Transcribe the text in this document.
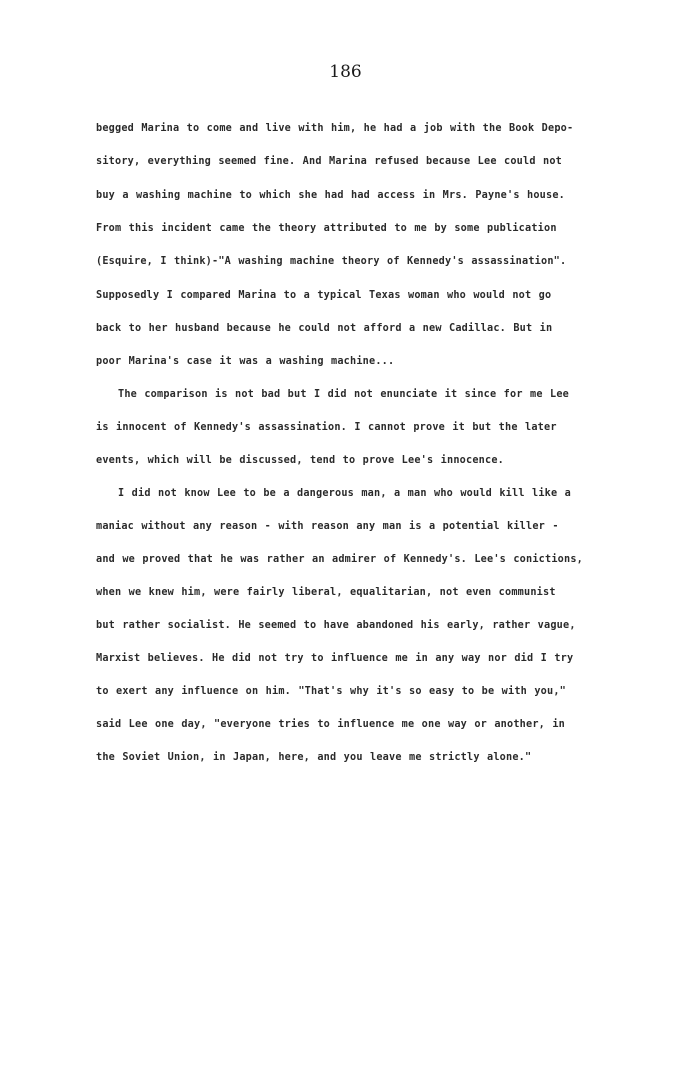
186
begged Marina to come and live with him, he had a job with the Book Depo-
sitory, everything seemed fine. And Marina refused because Lee could not
buy a washing machine to which she had had access in Mrs. Payne's house.
From this incident came the theory attributed to me by some publication
(Esquire, I think)-"A washing machine theory of Kennedy's assassination".
Supposedly I compared Marina to a typical Texas woman who would not go
back to her husband because he could not afford a new Cadillac. But in
poor Marina's case it was a washing machine...
The comparison is not bad but I did not enunciate it since for me Lee
is innocent of Kennedy's assassination. I cannot prove it but the later
events, which will be discussed, tend to prove Lee's innocence.
I did not know Lee to be a dangerous man, a man who would kill like a
maniac without any reason - with reason any man is a potential killer -
and we proved that he was rather an admirer of Kennedy's. Lee's conictions,
when we knew him, were fairly liberal, equalitarian, not even communist
but rather socialist. He seemed to have abandoned his early, rather vague,
Marxist believes. He did not try to influence me in any way nor did I try
to exert any influence on him. "That's why it's so easy to be with you,"
said Lee one day, "everyone tries to influence me one way or another, in
the Soviet Union, in Japan, here, and you leave me strictly alone."
